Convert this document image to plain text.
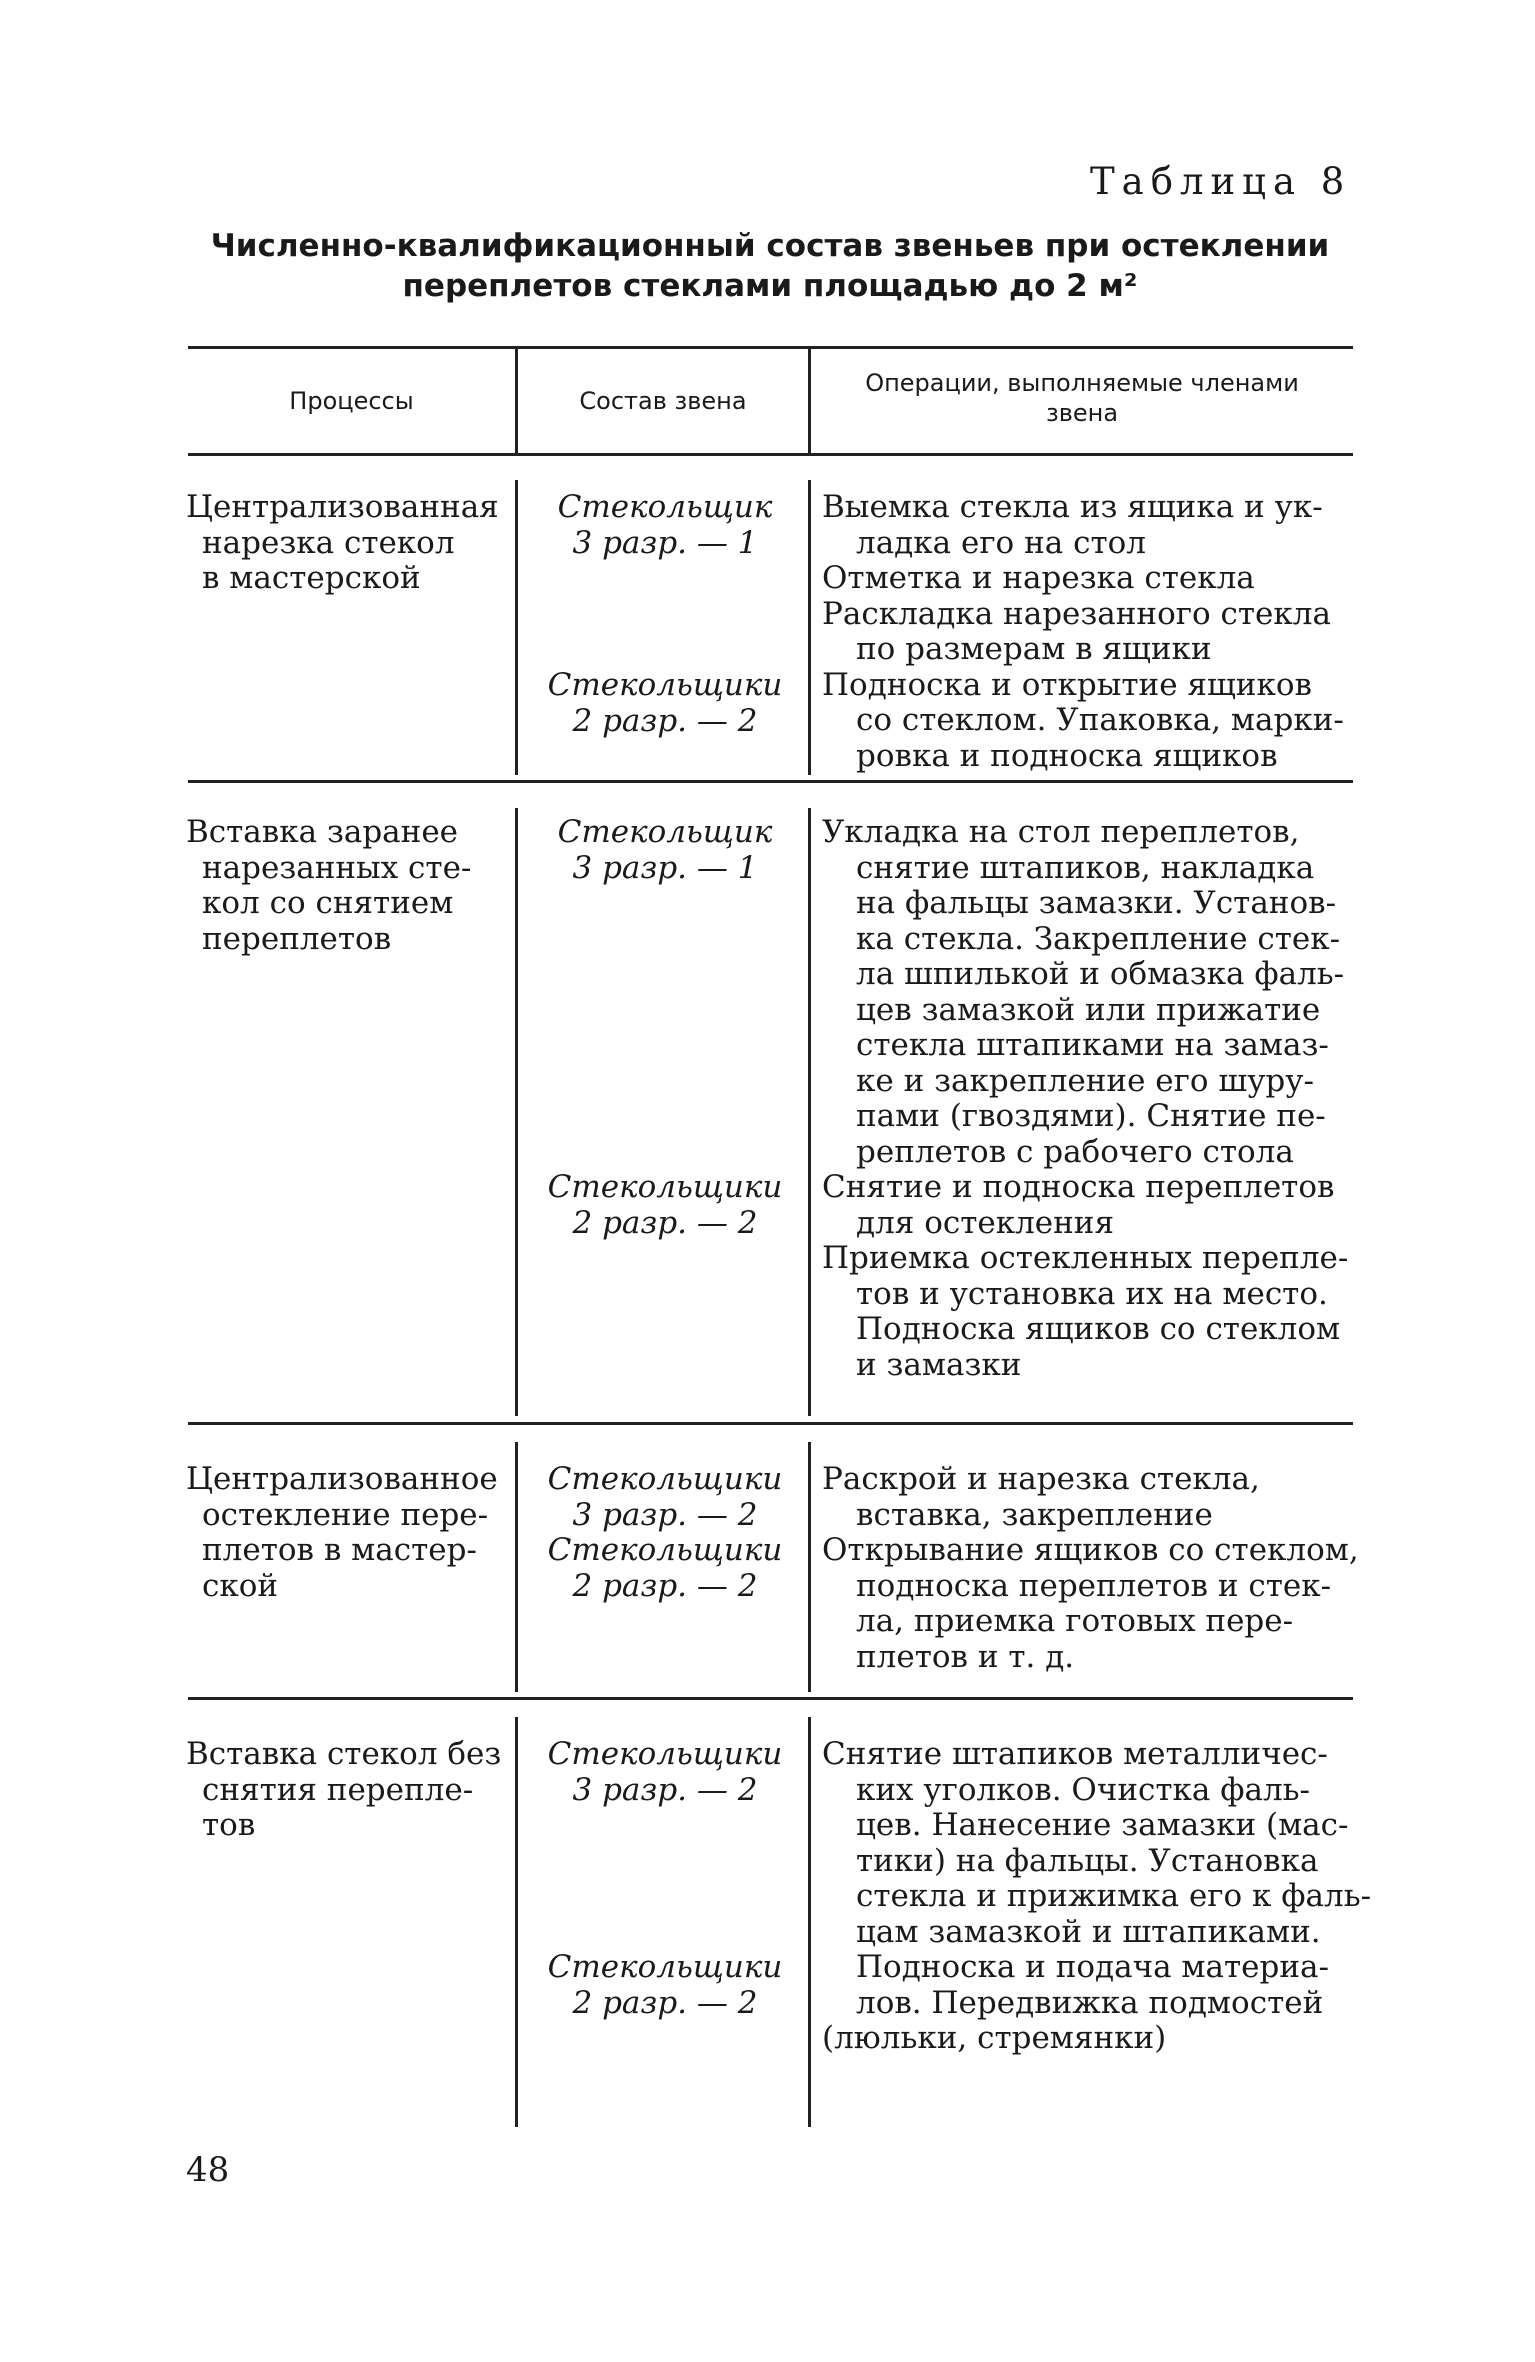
Таблица 8
Численно-квалификационный состав звеньев при остеклении
переплетов стеклами площадью до 2 м²
Процессы	Состав звена
Операции, выполняемые членами
звена
Централизованная
нарезка стекол
в мастерской
Стекольщик
3 разр. — 1
Стекольщики
2 разр. — 2
Выемка стекла из ящика и ук-
ладка его на стол
Отметка и нарезка стекла
Раскладка нарезанного стекла
по размерам в ящики
Подноска и открытие ящиков
со стеклом. Упаковка, марки-
ровка и подноска ящиков
Вставка заранее
нарезанных сте-
кол со снятием
переплетов
Стекольщик
3 разр. — 1
Стекольщики
2 разр. — 2
Укладка на стол переплетов,
снятие штапиков, накладка
на фальцы замазки. Установ-
ка стекла. Закрепление стек-
ла шпилькой и обмазка фаль-
цев замазкой или прижатие
стекла штапиками на замаз-
ке и закрепление его шуру-
пами (гвоздями). Снятие пе-
реплетов с рабочего стола
Снятие и подноска переплетов
для остекления
Приемка остекленных перепле-
тов и установка их на место.
Подноска ящиков со стеклом
и замазки
Централизованное
остекление пере-
плетов в мастер-
ской
Стекольщики
3 разр. — 2
Стекольщики
2 разр. — 2
Раскрой и нарезка стекла,
вставка, закрепление
Открывание ящиков со стеклом,
подноска переплетов и стек-
ла, приемка готовых пере-
плетов и т. д.
Вставка стекол без
снятия перепле-
тов
Стекольщики
3 разр. — 2
Стекольщики
2 разр. — 2
Снятие штапиков металличес-
ких уголков. Очистка фаль-
цев. Нанесение замазки (мас-
тики) на фальцы. Установка
стекла и прижимка его к фаль-
цам замазкой и штапиками.
Подноска и подача материа-
лов. Передвижка подмостей
(люльки, стремянки)
48
